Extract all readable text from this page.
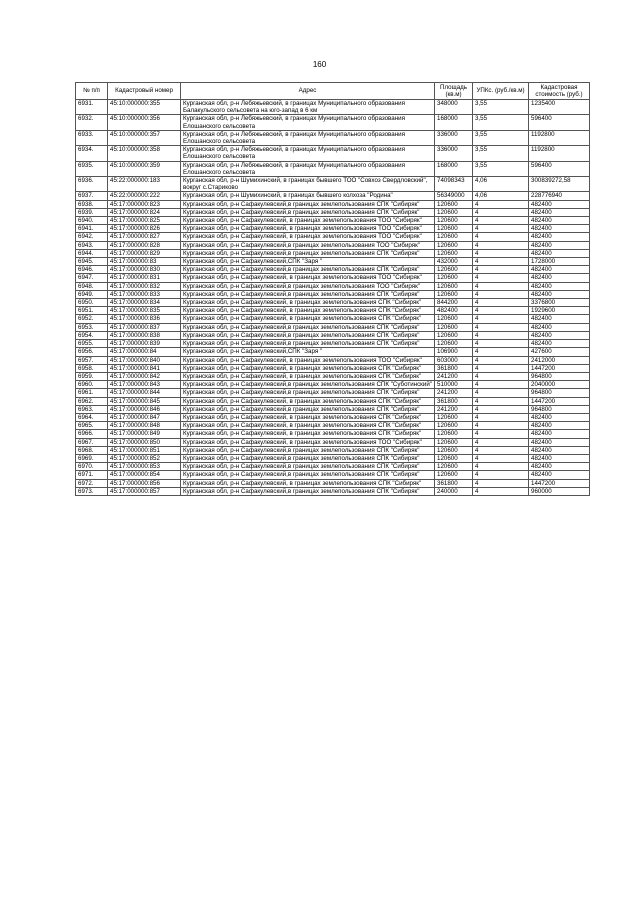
160
№ п/п	Кадастровый номер	Адрес	Площадь (кв.м)	УПКс. (руб./кв.м)	Кадастровая стоимость (руб.)
6931.	45:10:000000:355	Курганская обл, р-н Лебяжьевский, в границах Муниципального образования Балакульского сельсовета на юго-запад в 6 км	348000	3,55	1235400
6932.	45:10:000000:356	Курганская обл, р-н Лебяжьевский, в границах Муниципального образования Елошанского сельсовета	168000	3,55	596400
6933.	45:10:000000:357	Курганская обл, р-н Лебяжьевский, в границах Муниципального образования Елошанского сельсовета	336000	3,55	1192800
6934.	45:10:000000:358	Курганская обл, р-н Лебяжьевский, в границах Муниципального образования Елошанского сельсовета	336000	3,55	1192800
6935.	45:10:000000:359	Курганская обл, р-н Лебяжьевский, в границах Муниципального образования Елошанского сельсовета	168000	3,55	596400
6936.	45:22:000000:183	Курганская обл, р-н Шумихинский, в границах бывшего ТОО "Совхоз Свердловский", вокруг с.Стариково	74098343	4,06	300839272,58
6937.	45:22:000000:222	Курганская обл, р-н Шумихинский, в границах бывшего колхоза "Родина"	56349000	4,06	228776940
6938.	45:17:000000:823	Курганская обл, р-н Сафакулевский,в границах землепользования СПК "Сибиряк"	120600	4	482400
6939.	45:17:000000:824	Курганская обл, р-н Сафакулевский,в границах землепользования СПК "Сибиряк"	120600	4	482400
6940.	45:17:000000:825	Курганская обл, р-н Сафакулевский, в границах землепользования ТОО "Сибиряк"	120600	4	482400
6941.	45:17:000000:826	Курганская обл, р-н Сафакулевский, в границах землепользования ТОО "Сибиряк"	120600	4	482400
6942.	45:17:000000:827	Курганская обл, р-н Сафакулевский, в границах землепользования ТОО "Сибиряк"	120600	4	482400
6943.	45:17:000000:828	Курганская обл, р-н Сафакулевский,в границах землепользования ТОО "Сибиряк"	120600	4	482400
6944.	45:17:000000:829	Курганская обл, р-н Сафакулевский,в границах землепользования СПК "Сибиряк"	120600	4	482400
6945.	45:17:000000:83	Курганская обл, р-н Сафакулевский,СПК "Заря "	432000	4	1728000
6946.	45:17:000000:830	Курганская обл, р-н Сафакулевский,в границах землепользования СПК "Сибиряк"	120600	4	482400
6947.	45:17:000000:831	Курганская обл, р-н Сафакулевский, в границах землепользования ТОО "Сибиряк"	120600	4	482400
6948.	45:17:000000:832	Курганская обл, р-н Сафакулевский,в границах землепользования ТОО "Сибиряк"	120600	4	482400
6949.	45:17:000000:833	Курганская обл, р-н Сафакулевский,в границах землепользования СПК "Сибиряк"	120600	4	482400
6950.	45:17:000000:834	Курганская обл, р-н Сафакулевский, в границах землепользования СПК "Сибиряк"	844200	4	3376800
6951.	45:17:000000:835	Курганская обл, р-н Сафакулевский, в границах землепользования СПК "Сибиряк"	482400	4	1929600
6952.	45:17:000000:836	Курганская обл, р-н Сафакулевский, в границах землепользования СПК "Сибиряк"	120600	4	482400
6953.	45:17:000000:837	Курганская обл, р-н Сафакулевский,в границах землепользования СПК "Сибиряк"	120600	4	482400
6954.	45:17:000000:838	Курганская обл, р-н Сафакулевский,в границах землепользования СПК "Сибиряк"	120600	4	482400
6955.	45:17:000000:839	Курганская обл, р-н Сафакулевский,в границах землепользования СПК "Сибиряк"	120600	4	482400
6956.	45:17:000000:84	Курганская обл, р-н Сафакулевский,СПК "Заря "	106900	4	427600
6957.	45:17:000000:840	Курганская обл, р-н Сафакулевский, в границах землепользования ТОО "Сибиряк"	603000	4	2412000
6958.	45:17:000000:841	Курганская обл, р-н Сафакулевский, в границах землепользования СПК "Сибиряк"	361800	4	1447200
6959.	45:17:000000:842	Курганская обл, р-н Сафакулевский, в границах землепользования СПК "Сибиряк"	241200	4	964800
6960.	45:17:000000:843	Курганская обл, р-н Сафакулевский,в границах землепользования СПК "Суботинский"	510000	4	2040000
6961.	45:17:000000:844	Курганская обл, р-н Сафакулевский,в границах землепользования СПК "Сибиряк"	241200	4	964800
6962.	45:17:000000:845	Курганская обл, р-н Сафакулевский, в границах землепользования СПК "Сибиряк"	361800	4	1447200
6963.	45:17:000000:846	Курганская обл, р-н Сафакулевский,в границах землепользования СПК "Сибиряк"	241200	4	964800
6964.	45:17:000000:847	Курганская обл, р-н Сафакулевский, в границах землепользования СПК "Сибиряк"	120600	4	482400
6965.	45:17:000000:848	Курганская обл, р-н Сафакулевский, в границах землепользования СПК "Сибиряк"	120600	4	482400
6966.	45:17:000000:849	Курганская обл, р-н Сафакулевский, в границах землепользования СПК "Сибиряк"	120600	4	482400
6967.	45:17:000000:850	Курганская обл, р-н Сафакулевский, в границах землепользования ТОО "Сибиряк"	120600	4	482400
6968.	45:17:000000:851	Курганская обл, р-н Сафакулевский,в границах землепользования СПК "Сибиряк"	120600	4	482400
6969.	45:17:000000:852	Курганская обл, р-н Сафакулевский,в границах землепользования СПК "Сибиряк"	120600	4	482400
6970.	45:17:000000:853	Курганская обл, р-н Сафакулевский,в границах землепользования СПК "Сибиряк"	120600	4	482400
6971.	45:17:000000:854	Курганская обл, р-н Сафакулевский,в границах землепользования СПК "Сибиряк"	120600	4	482400
6972.	45:17:000000:856	Курганская обл, р-н Сафакулевский, в границах землепользования СПК "Сибиряк"	361800	4	1447200
6973.	45:17:000000:857	Курганская обл, р-н Сафакулевский,в границах землепользования СПК "Сибиряк"	240000	4	960000
